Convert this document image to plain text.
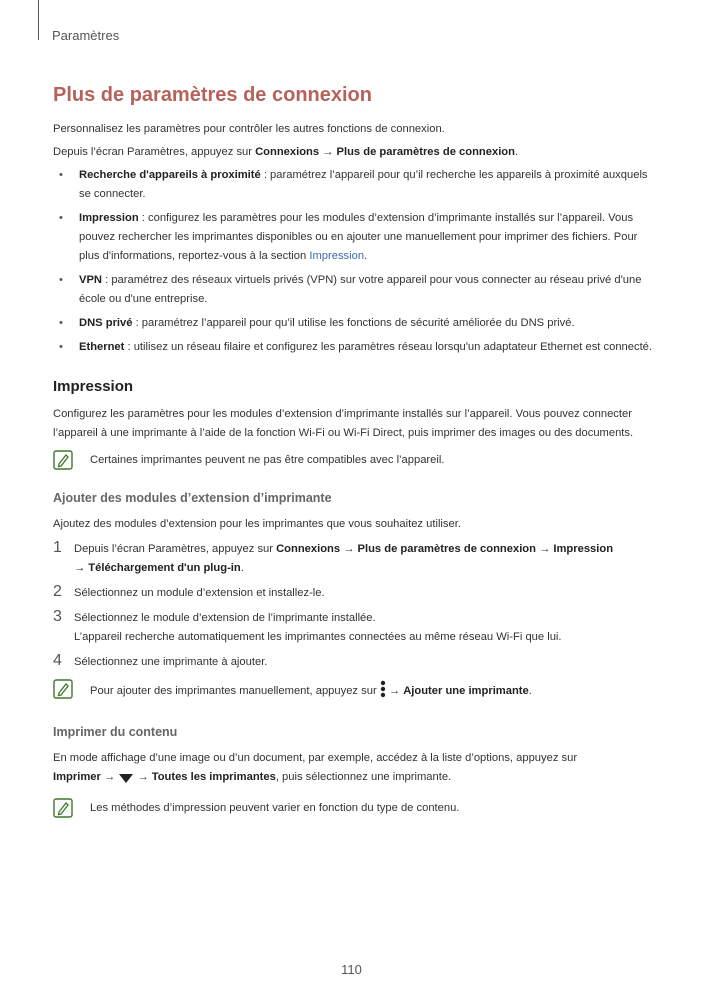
Paramètres
Plus de paramètres de connexion

Personnalisez les paramètres pour contrôler les autres fonctions de connexion.

Depuis l’écran Paramètres, appuyez sur Connexions → Plus de paramètres de connexion.

• Recherche d'appareils à proximité : paramétrez l’appareil pour qu’il recherche les appareils à proximité auxquels se connecter.
• Impression : configurez les paramètres pour les modules d’extension d’imprimante installés sur l’appareil. Vous pouvez rechercher les imprimantes disponibles ou en ajouter une manuellement pour imprimer des fichiers. Pour plus d'informations, reportez-vous à la section Impression.
• VPN : paramétrez des réseaux virtuels privés (VPN) sur votre appareil pour vous connecter au réseau privé d'une école ou d'une entreprise.
• DNS privé : paramétrez l’appareil pour qu’il utilise les fonctions de sécurité améliorée du DNS privé.
• Ethernet : utilisez un réseau filaire et configurez les paramètres réseau lorsqu'un adaptateur Ethernet est connecté.
Impression

Configurez les paramètres pour les modules d’extension d’imprimante installés sur l’appareil. Vous pouvez connecter l’appareil à une imprimante à l’aide de la fonction Wi-Fi ou Wi-Fi Direct, puis imprimer des images ou des documents.

Certaines imprimantes peuvent ne pas être compatibles avec l’appareil.
Ajouter des modules d’extension d’imprimante

Ajoutez des modules d’extension pour les imprimantes que vous souhaitez utiliser.

1 Depuis l’écran Paramètres, appuyez sur Connexions → Plus de paramètres de connexion → Impression
→ Téléchargement d'un plug-in.
2 Sélectionnez un module d’extension et installez-le.
3 Sélectionnez le module d’extension de l’imprimante installée.
L’appareil recherche automatiquement les imprimantes connectées au même réseau Wi-Fi que lui.
4 Sélectionnez une imprimante à ajouter.
Pour ajouter des imprimantes manuellement, appuyez sur  → Ajouter une imprimante.
Imprimer du contenu

En mode affichage d’une image ou d’un document, par exemple, accédez à la liste d’options, appuyez sur
Imprimer →  → Toutes les imprimantes, puis sélectionnez une imprimante.

Les méthodes d’impression peuvent varier en fonction du type de contenu.
110
